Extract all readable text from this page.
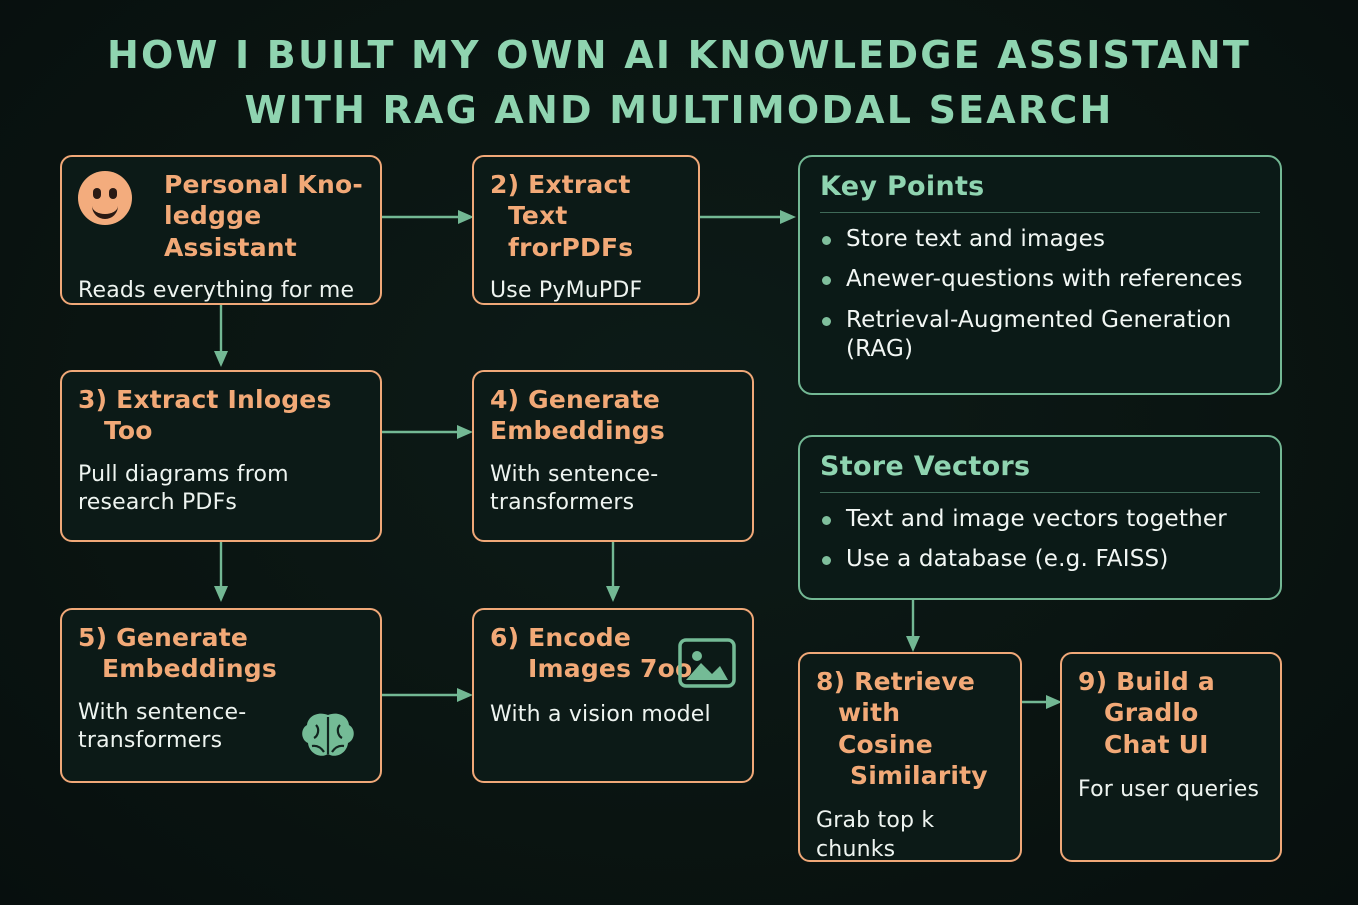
HOW I BUILT MY OWN AI KNOWLEDGE ASSISTANT
WITH RAG AND MULTIMODAL SEARCH
Personal Kno-
ledgge Assistant
Reads everything for me
2) Extract
Text frorPDFs
Use PyMuPDF
3) Extract Inloges
Too
Pull diagrams from
research PDFs
4) Generate
Embeddings
With sentence-
transformers
5) Generate
Embeddings
With sentence-
transformers
6) Encode
Images 7oo
With a vision model
8) Retrieve
with Cosine
Similarity
Grab top k
chunks
9) Build a
Gradlo
Chat UI
For user queries
Key Points
Store text and images
Anewer-questions with references
Retrieval-Augmented Generation (RAG)
Store Vectors
Text and image vectors together
Use a database (e.g. FAISS)
